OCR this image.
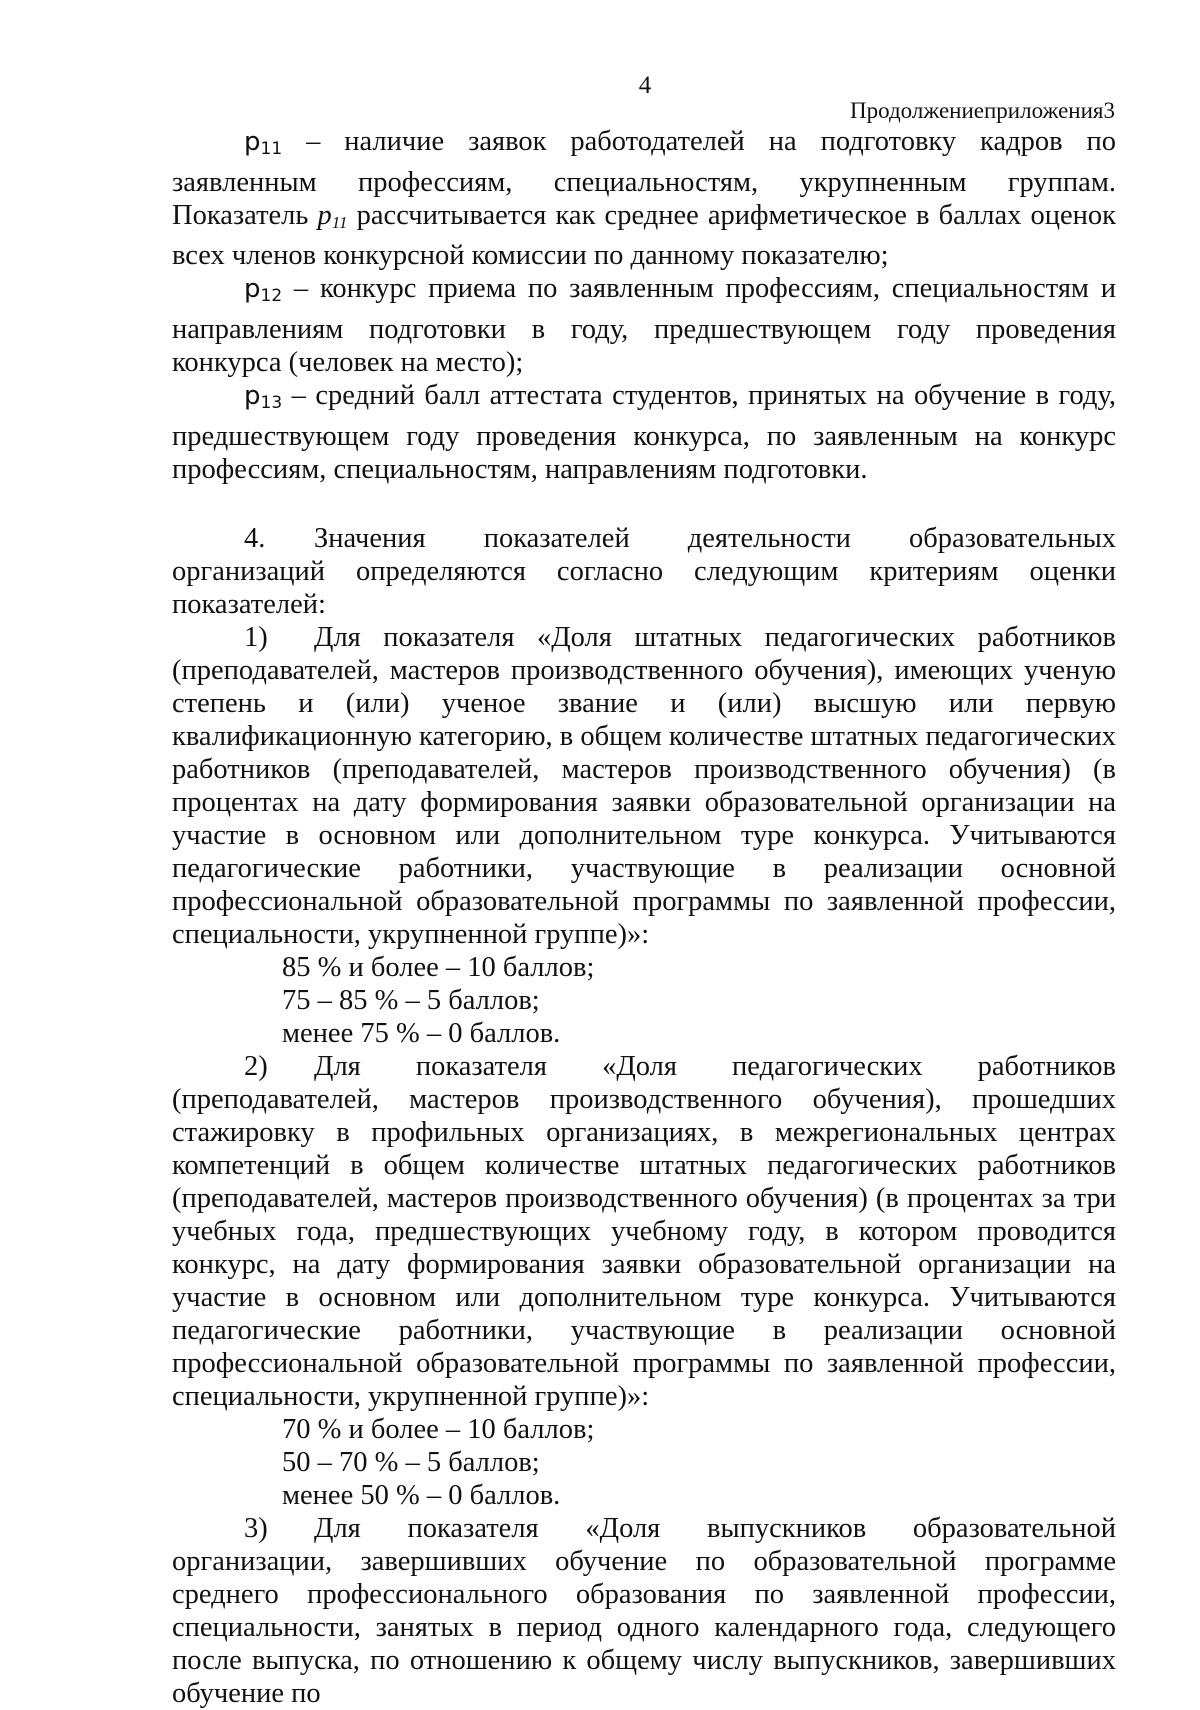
4
Продолжениеприложения3

$p_{11}$ – наличие заявок работодателей на подготовку кадров по заявленным профессиям, специальностям, укрупненным группам. Показатель $p_{11}$ рассчитывается как среднее арифметическое в баллах оценок всех членов конкурсной комиссии по данному показателю;

$p_{12}$ – конкурс приема по заявленным профессиям, специальностям и направлениям подготовки в году, предшествующем году проведения конкурса (человек на место);

$p_{13}$ – средний балл аттестата студентов, принятых на обучение в году, предшествующем году проведения конкурса, по заявленным на конкурс профессиям, специальностям, направлениям подготовки.

4. Значения показателей деятельности образовательных организаций определяются согласно следующим критериям оценки показателей:

1) Для показателя «Доля штатных педагогических работников (преподавателей, мастеров производственного обучения), имеющих ученую степень и (или) ученое звание и (или) высшую или первую квалификационную категорию, в общем количестве штатных педагогических работников (преподавателей, мастеров производственного обучения) (в процентах на дату формирования заявки образовательной организации на участие в основном или дополнительном туре конкурса. Учитываются педагогические работники, участвующие в реализации основной профессиональной образовательной программы по заявленной профессии, специальности, укрупненной группе)»:

85 % и более – 10 баллов;

75 – 85 % – 5 баллов;

менее 75 % – 0 баллов.

2) Для показателя «Доля педагогических работников (преподавателей, мастеров производственного обучения), прошедших стажировку в профильных организациях, в межрегиональных центрах компетенций в общем количестве штатных педагогических работников (преподавателей, мастеров производственного обучения) (в процентах за три учебных года, предшествующих учебному году, в котором проводится конкурс, на дату формирования заявки образовательной организации на участие в основном или дополнительном туре конкурса. Учитываются педагогические работники, участвующие в реализации основной профессиональной образовательной программы по заявленной профессии, специальности, укрупненной группе)»:

70 % и более – 10 баллов;

50 – 70 % – 5 баллов;

менее 50 % – 0 баллов.

3) Для показателя «Доля выпускников образовательной организации, завершивших обучение по образовательной программе среднего профессионального образования по заявленной профессии, специальности, занятых в период одного календарного года, следующего после выпуска, по отношению к общему числу выпускников, завершивших обучение по
